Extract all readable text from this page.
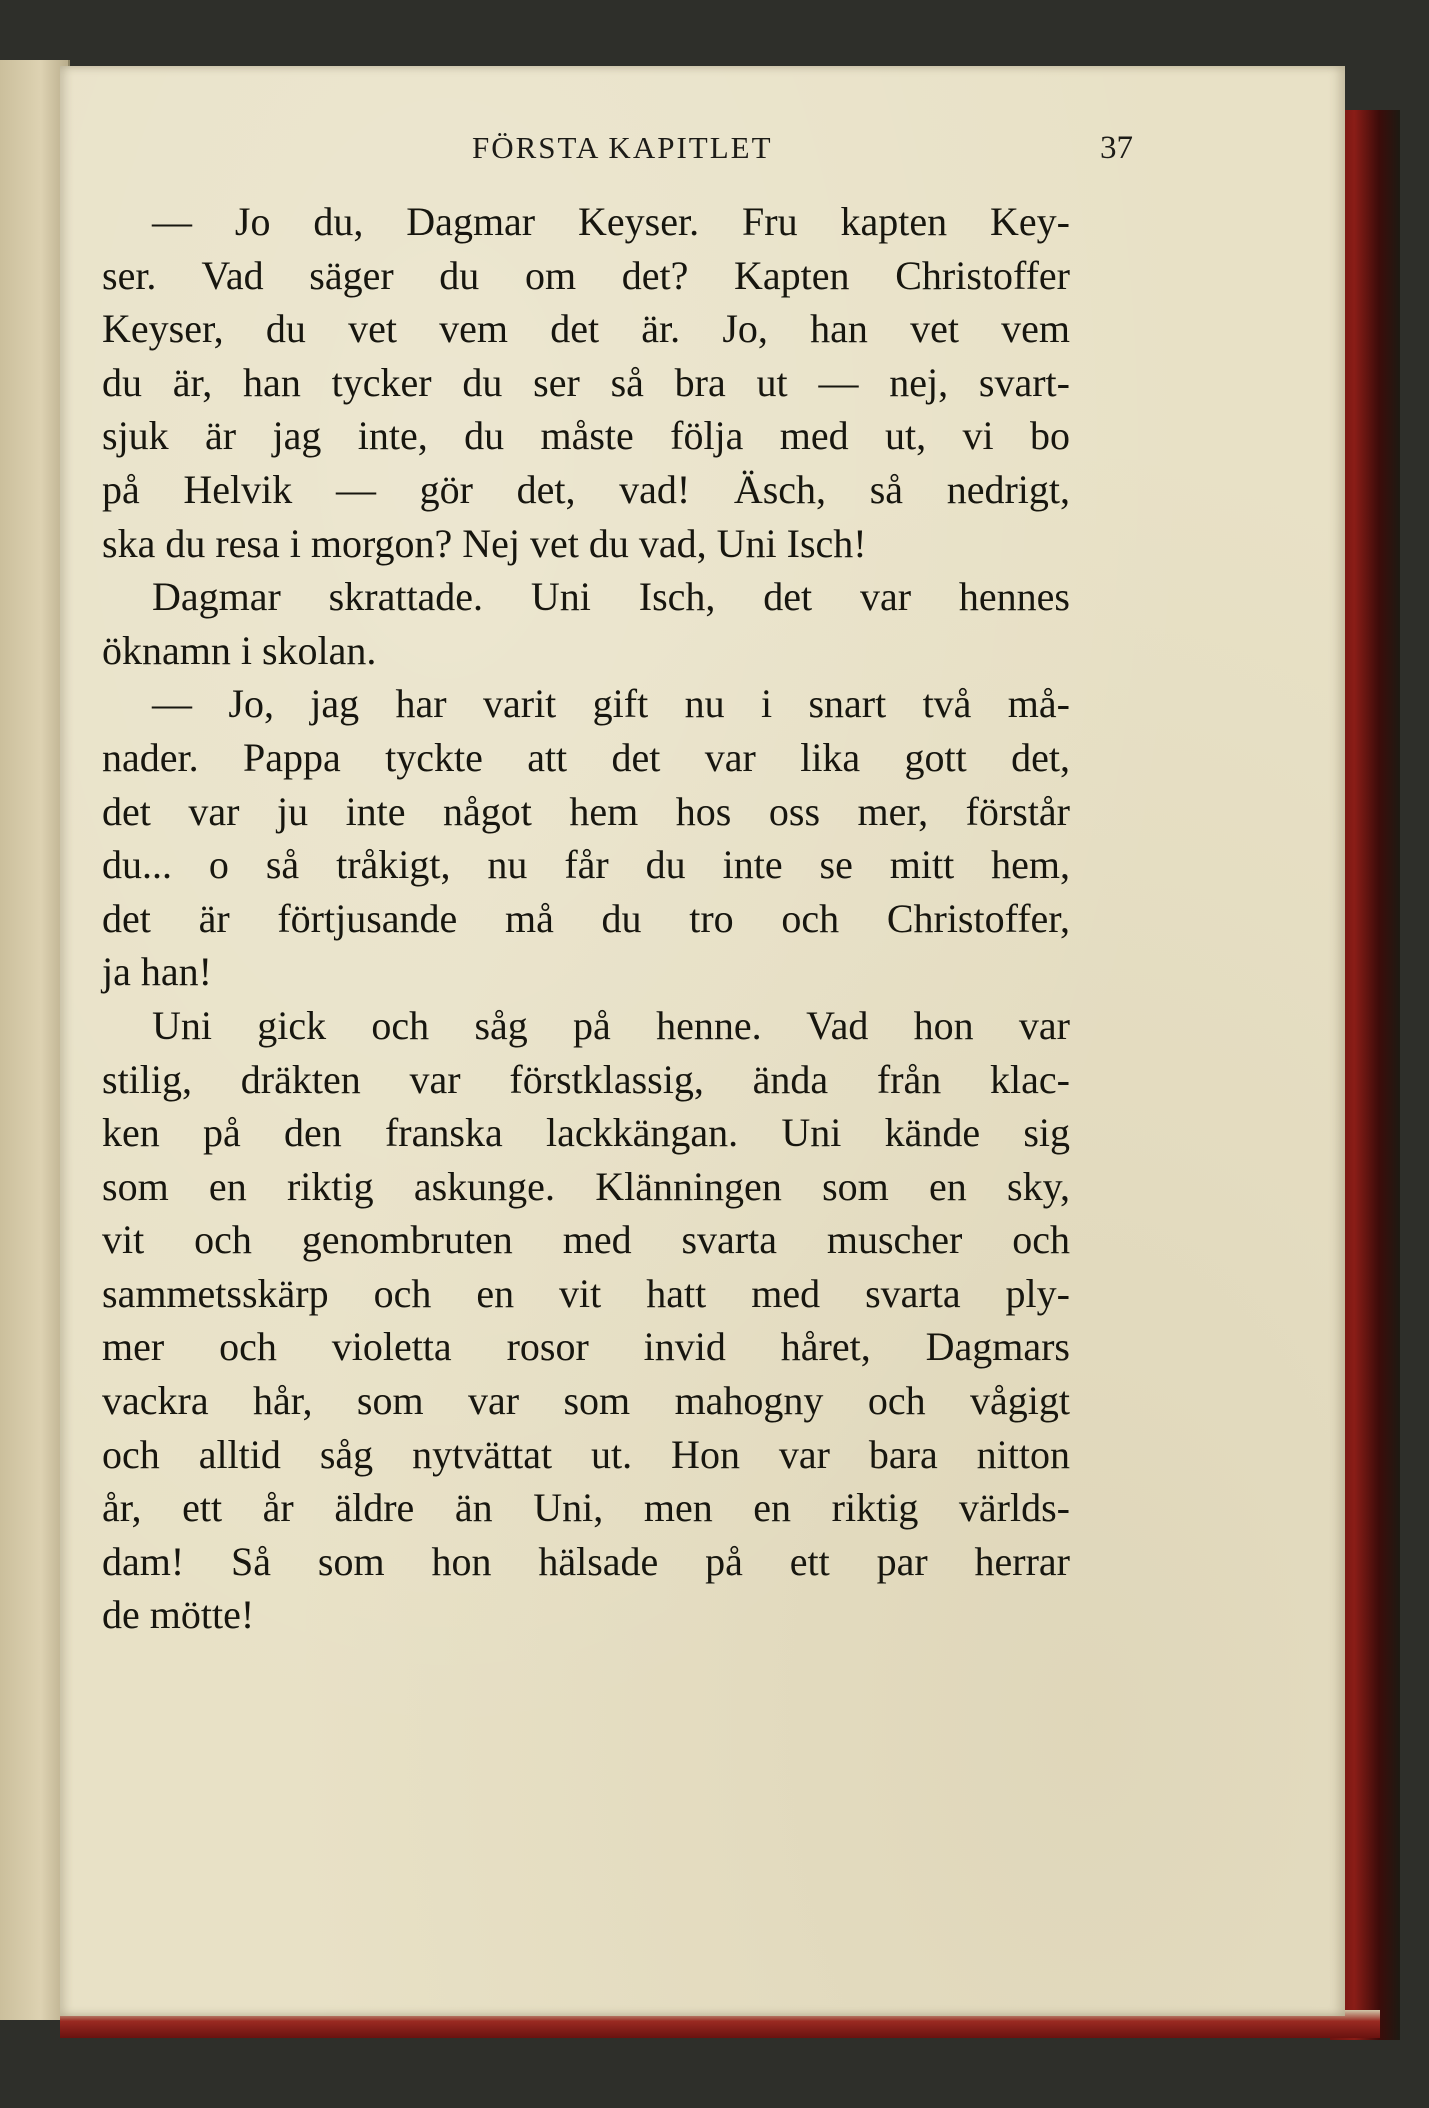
FÖRSTA KAPITLET	37
— Jo du, Dagmar Keyser. Fru kapten Key-
ser. Vad säger du om det? Kapten Christoffer
Keyser, du vet vem det är. Jo, han vet vem
du är, han tycker du ser så bra ut — nej, svart-
sjuk är jag inte, du måste följa med ut, vi bo
på Helvik — gör det, vad! Äsch, så nedrigt,
ska du resa i morgon? Nej vet du vad, Uni Isch!
Dagmar skrattade. Uni Isch, det var hennes
öknamn i skolan.
— Jo, jag har varit gift nu i snart två må-
nader. Pappa tyckte att det var lika gott det,
det var ju inte något hem hos oss mer, förstår
du... o så tråkigt, nu får du inte se mitt hem,
det är förtjusande må du tro och Christoffer,
ja han!
Uni gick och såg på henne. Vad hon var
stilig, dräkten var förstklassig, ända från klac-
ken på den franska lackkängan. Uni kände sig
som en riktig askunge. Klänningen som en sky,
vit och genombruten med svarta muscher och
sammetsskärp och en vit hatt med svarta ply-
mer och violetta rosor invid håret, Dagmars
vackra hår, som var som mahogny och vågigt
och alltid såg nytvättat ut. Hon var bara nitton
år, ett år äldre än Uni, men en riktig världs-
dam! Så som hon hälsade på ett par herrar
de mötte!
